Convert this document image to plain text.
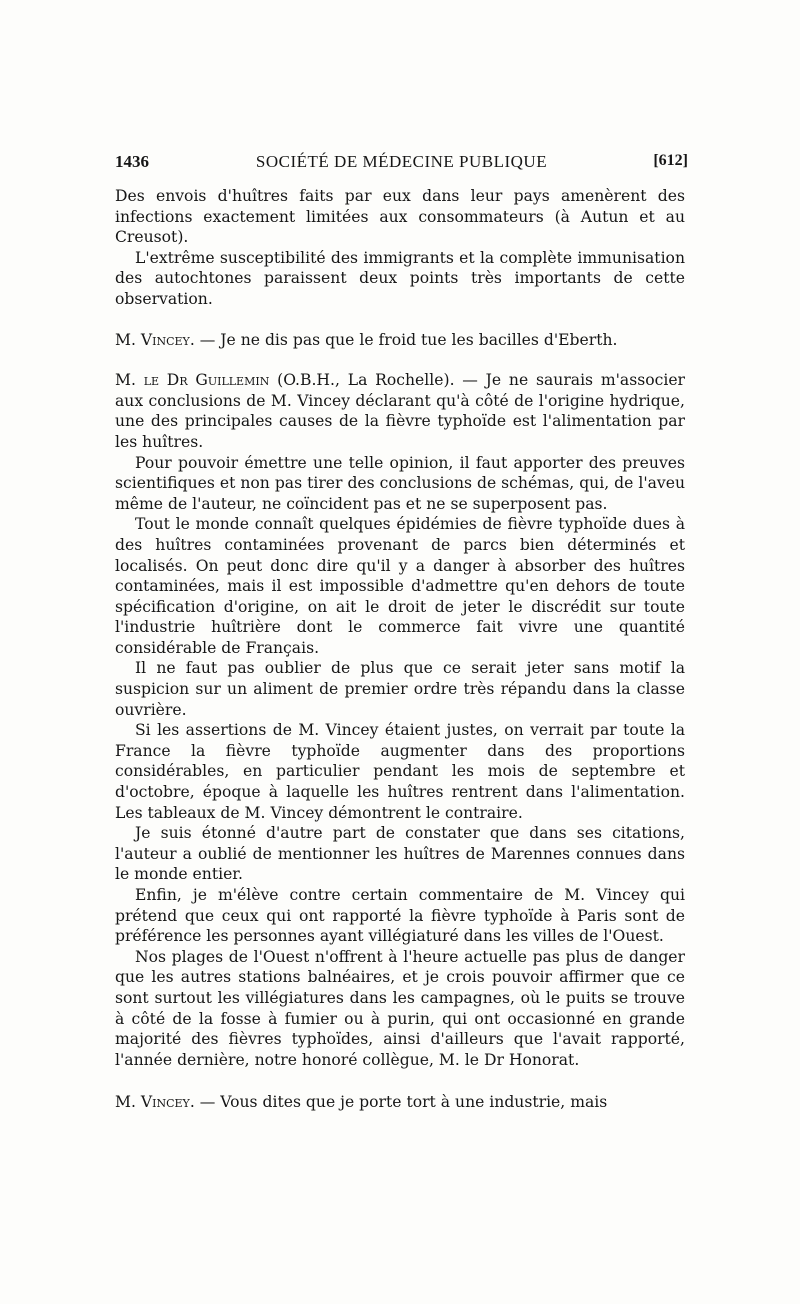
1436	SOCIÉTÉ DE MÉDECINE PUBLIQUE	[612]

Des envois d'huîtres faits par eux dans leur pays amenèrent des infections exactement limitées aux consommateurs (à Autun et au Creusot).

L'extrême susceptibilité des immigrants et la complète immunisation des autochtones paraissent deux points très importants de cette observation.

M. Vincey. — Je ne dis pas que le froid tue les bacilles d'Eberth.

M. le Dr Guillemin (O.B.H., La Rochelle). — Je ne saurais m'associer aux conclusions de M. Vincey déclarant qu'à côté de l'origine hydrique, une des principales causes de la fièvre typhoïde est l'alimentation par les huîtres.

Pour pouvoir émettre une telle opinion, il faut apporter des preuves scientifiques et non pas tirer des conclusions de schémas, qui, de l'aveu même de l'auteur, ne coïncident pas et ne se superposent pas.

Tout le monde connaît quelques épidémies de fièvre typhoïde dues à des huîtres contaminées provenant de parcs bien déterminés et localisés. On peut donc dire qu'il y a danger à absorber des huîtres contaminées, mais il est impossible d'admettre qu'en dehors de toute spécification d'origine, on ait le droit de jeter le discrédit sur toute l'industrie huîtrière dont le commerce fait vivre une quantité considérable de Français.

Il ne faut pas oublier de plus que ce serait jeter sans motif la suspicion sur un aliment de premier ordre très répandu dans la classe ouvrière.

Si les assertions de M. Vincey étaient justes, on verrait par toute la France la fièvre typhoïde augmenter dans des proportions considérables, en particulier pendant les mois de septembre et d'octobre, époque à laquelle les huîtres rentrent dans l'alimentation. Les tableaux de M. Vincey démontrent le contraire.

Je suis étonné d'autre part de constater que dans ses citations, l'auteur a oublié de mentionner les huîtres de Marennes connues dans le monde entier.

Enfin, je m'élève contre certain commentaire de M. Vincey qui prétend que ceux qui ont rapporté la fièvre typhoïde à Paris sont de préférence les personnes ayant villégiaturé dans les villes de l'Ouest.

Nos plages de l'Ouest n'offrent à l'heure actuelle pas plus de danger que les autres stations balnéaires, et je crois pouvoir affirmer que ce sont surtout les villégiatures dans les campagnes, où le puits se trouve à côté de la fosse à fumier ou à purin, qui ont occasionné en grande majorité des fièvres typhoïdes, ainsi d'ailleurs que l'avait rapporté, l'année dernière, notre honoré collègue, M. le Dr Honorat.

M. Vincey. — Vous dites que je porte tort à une industrie, mais
